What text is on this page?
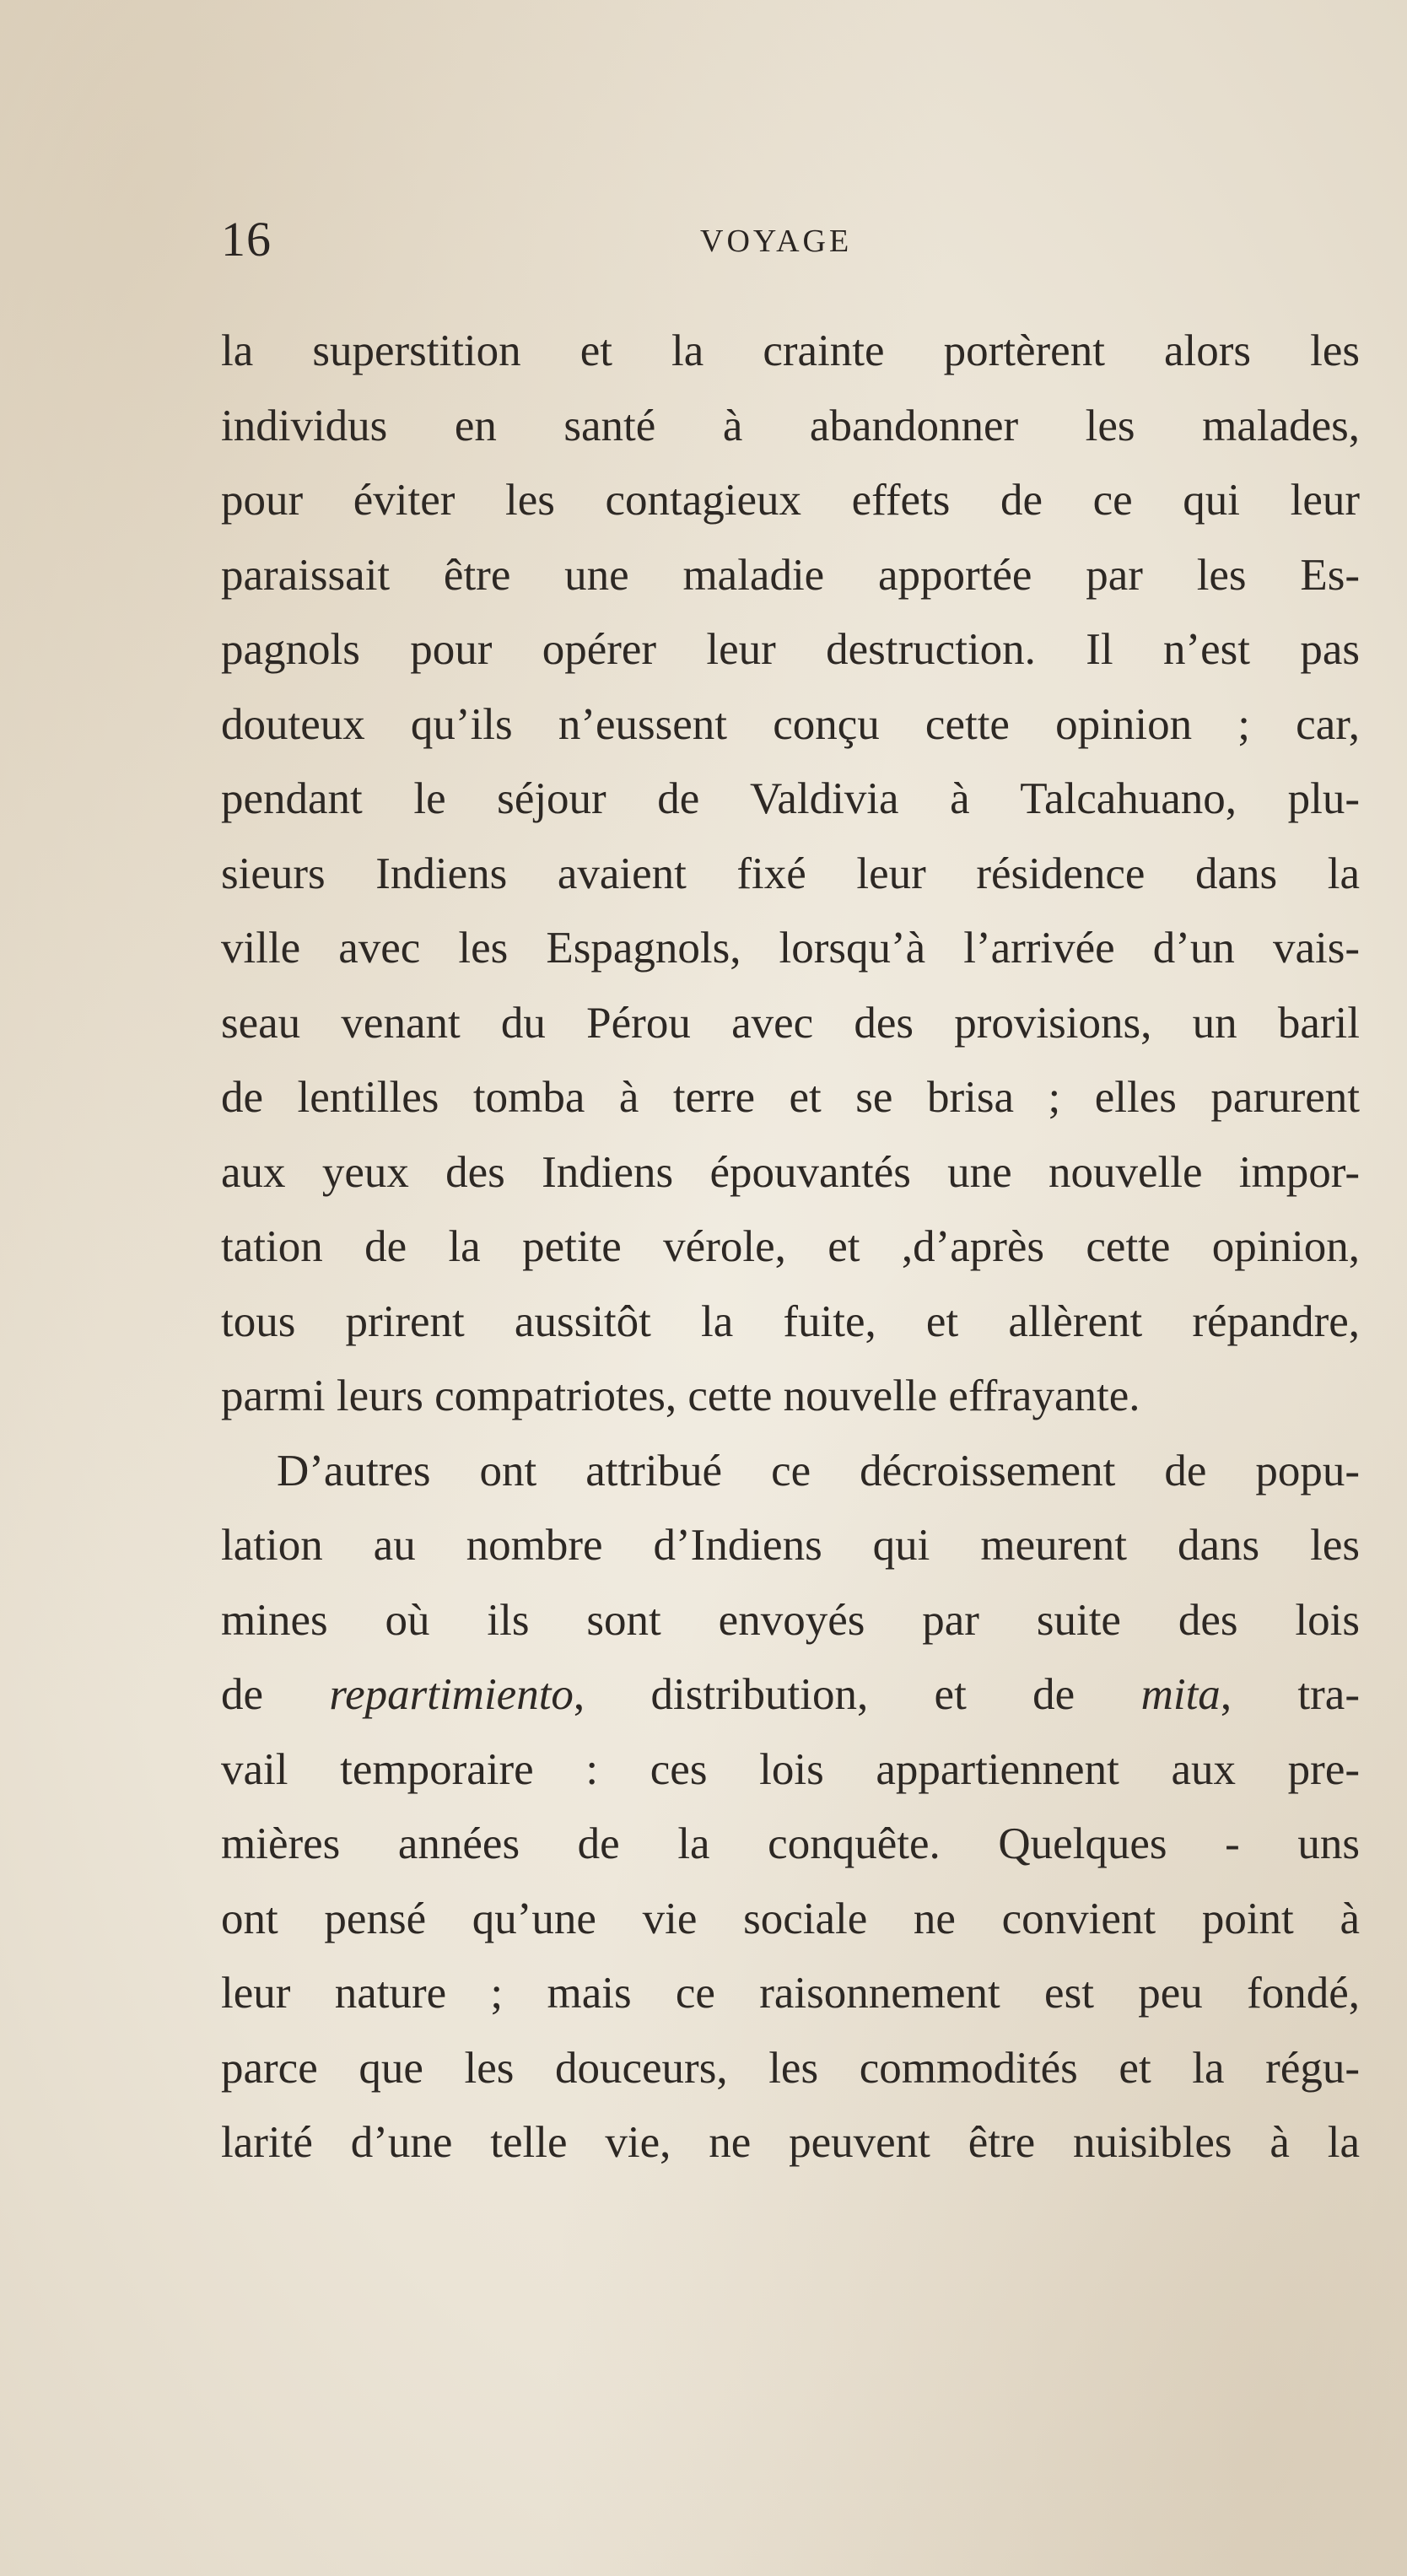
16	VOYAGE
la superstition et la crainte portèrent alors les
individus en santé à abandonner les malades,
pour éviter les contagieux effets de ce qui leur
paraissait être une maladie apportée par les Es-
pagnols pour opérer leur destruction. Il n’est pas
douteux qu’ils n’eussent conçu cette opinion ; car,
pendant le séjour de Valdivia à Talcahuano, plu-
sieurs Indiens avaient fixé leur résidence dans la
ville avec les Espagnols, lorsqu’à l’arrivée d’un vais-
seau venant du Pérou avec des provisions, un baril
de lentilles tomba à terre et se brisa ; elles parurent
aux yeux des Indiens épouvantés une nouvelle impor-
tation de la petite vérole, et ,d’après cette opinion,
tous prirent aussitôt la fuite, et allèrent répandre,
parmi leurs compatriotes, cette nouvelle effrayante.
D’autres ont attribué ce décroissement de popu-
lation au nombre d’Indiens qui meurent dans les
mines où ils sont envoyés par suite des lois
de repartimiento, distribution, et de mita, tra-
vail temporaire : ces lois appartiennent aux pre-
mières années de la conquête. Quelques - uns
ont pensé qu’une vie sociale ne convient point à
leur nature ; mais ce raisonnement est peu fondé,
parce que les douceurs, les commodités et la régu-
larité d’une telle vie, ne peuvent être nuisibles à la
